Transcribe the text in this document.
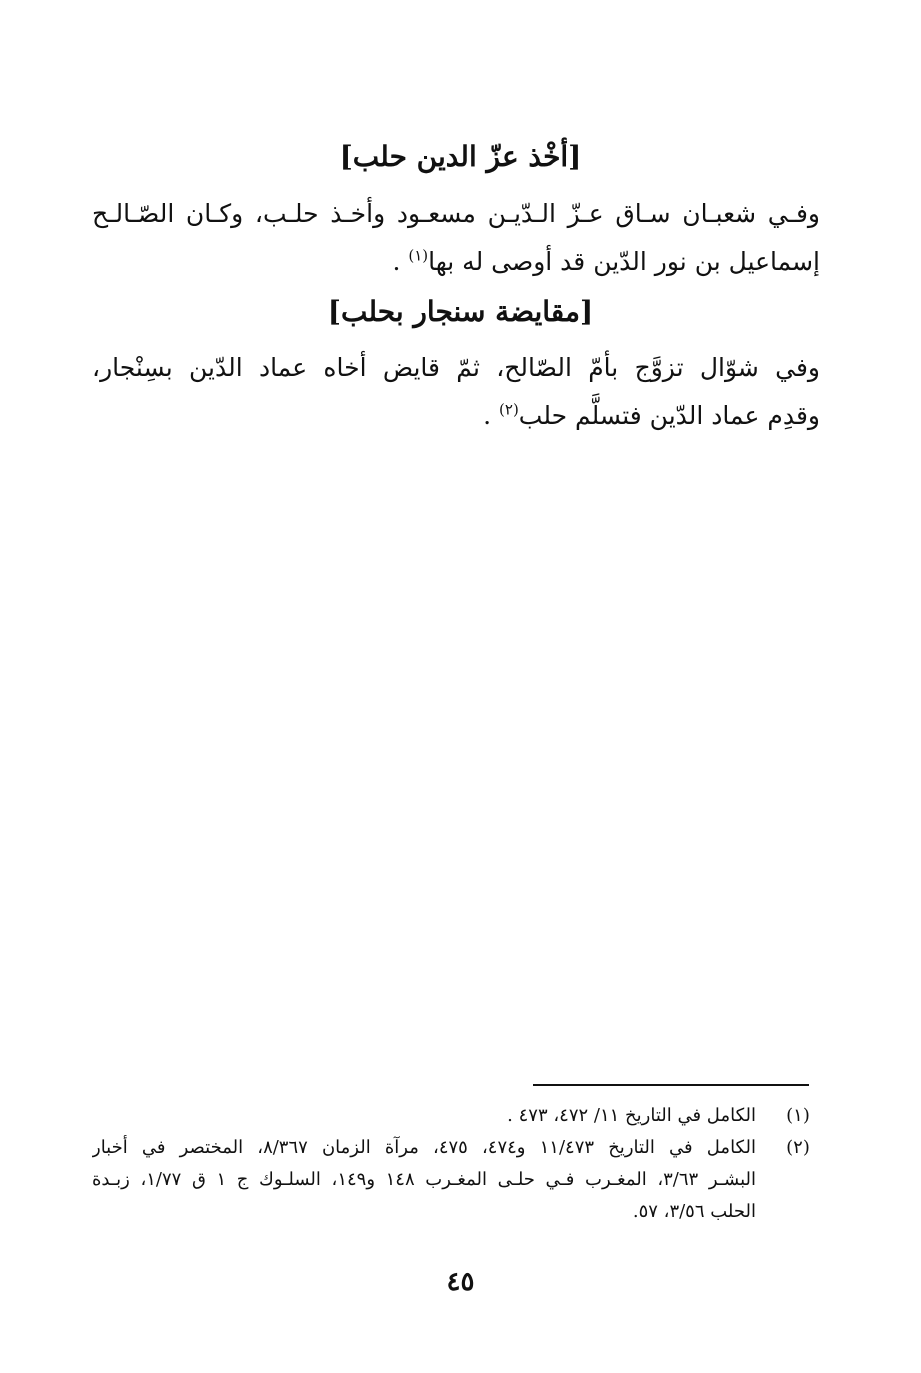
[أخْذ عزّ الدين حلب]
وفـي شعبـان سـاق عـزّ الـدّيـن مسعـود وأخـذ حلـب، وكـان الصّـالـح
إسماعيل بن نور الدّين قد أوصى له بها$^{(١)}$ .
[مقايضة سنجار بحلب]
وفي شوّال تزوَّج بأمّ الصّالح، ثمّ قايض أخاه عماد الدّين بسِنْجار،
وقدِم عماد الدّين فتسلَّم حلب$^{(٢)}$ .
(١)
الكامل في التاريخ ١١/ ٤٧٢، ٤٧٣ .
(٢)
الكامل في التاريخ ١١/٤٧٣ و٤٧٤، ٤٧٥، مرآة الزمان ٨/٣٦٧، المختصر في أخبار
البشـر ٣/٦٣، المغـرب فـي حلـى المغـرب ١٤٨ و١٤٩، السلـوك ج ١ ق ١/٧٧، زبـدة
الحلب ٣/٥٦، ٥٧.
٤٥
